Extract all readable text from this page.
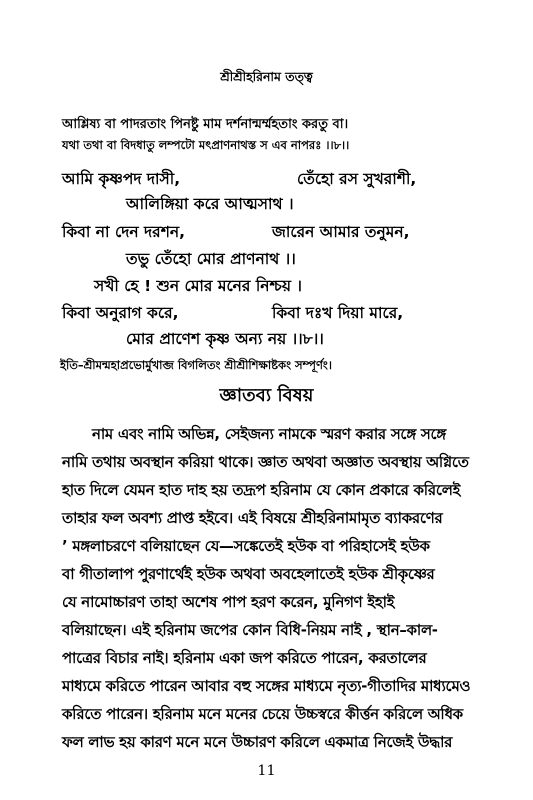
শ্রীশ্রীহরিনাম তত্ত্ব
আশ্লিষ্য বা পাদরতাং পিনষ্টু মাম দর্শনান্মর্ম্মহতাং করতু বা।
যথা তথা বা বিদধাতু লম্পটো মৎপ্রাণনাথস্ত স এব নাপরঃ ।।৮।।
আমি কৃষ্ণপদ দাসী,	তেঁহো রস সুখরাশী,
আলিঙ্গিয়া করে আত্মসাথ ।
কিবা না দেন দরশন,	জারেন আমার তনুমন,
তভু তেঁহো মোর প্রাণনাথ ।।
সখী হে ! শুন মোর মনের নিশ্চয় ।
কিবা অনুরাগ করে,	কিবা দঃখ দিয়া মারে,
মোর প্রাণেশ কৃষ্ণ অন্য নয় ।।৮।।
ইতি–শ্রীমন্মহাপ্রভোর্মুখাব্জ বিগলিতং শ্রীশ্রীশিক্ষাষ্টকং সম্পূর্ণং।
জ্ঞাতব্য বিষয়
নাম এবং নামি অভিন্ন, সেইজন্য নামকে স্মরণ করার সঙ্গে সঙ্গে
নামি তথায় অবস্থান করিয়া থাকে। জ্ঞাত অথবা অজ্ঞাত অবস্থায় অগ্নিতে
হাত দিলে যেমন হাত দাহ হয় তদ্রূপ হরিনাম যে কোন প্রকারে করিলেই
তাহার ফল অবশ্য প্রাপ্ত হইবে। এই বিষয়ে শ্রীহরিনামামৃত ব্যাকরণের
’ মঙ্গলাচরণে বলিয়াছেন যে—সঙ্কেতেই হউক বা পরিহাসেই হউক
বা গীতালাপ পুরণার্থেই হউক অথবা অবহেলাতেই হউক শ্রীকৃষ্ণের
যে নামোচ্চারণ তাহা অশেষ পাপ হরণ করেন, মুনিগণ ইহাই
বলিয়াছেন। এই হরিনাম জপের কোন বিধি-নিয়ম নাই , স্থান–কাল-
পাত্রের বিচার নাই। হরিনাম একা জপ করিতে পারেন, করতালের
মাধ্যমে করিতে পারেন আবার বহু সঙ্গের মাধ্যমে নৃত্য-গীতাদির মাধ্যমেও
করিতে পারেন। হরিনাম মনে মনের চেয়ে উচ্চস্বরে কীর্ত্তন করিলে অধিক
ফল লাভ হয় কারণ মনে মনে উচ্চারণ করিলে একমাত্র নিজেই উদ্ধার
11
